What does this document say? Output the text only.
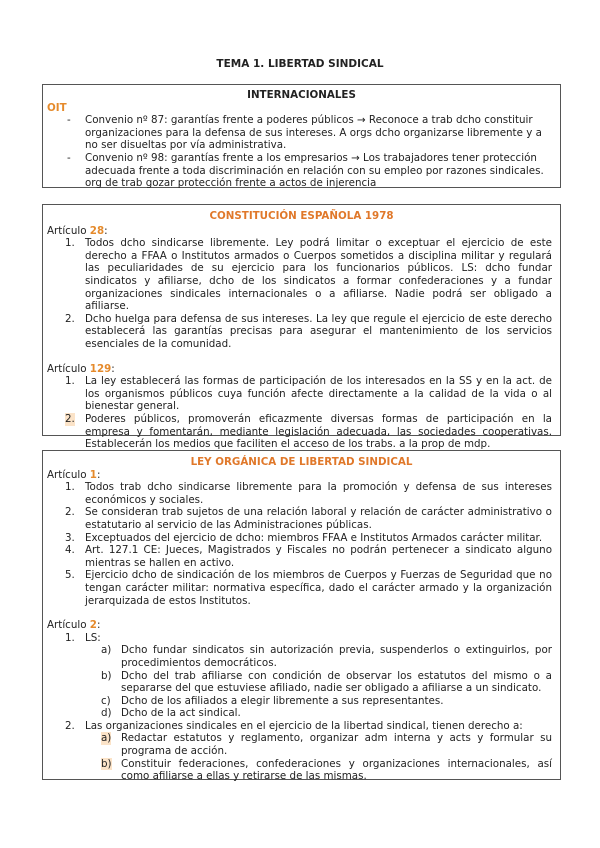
TEMA 1. LIBERTAD SINDICAL
INTERNACIONALES
OIT
- Convenio nº 87: garantías frente a poderes públicos → Reconoce a trab dcho constituir organizaciones para la defensa de sus intereses. A orgs dcho organizarse libremente y a no ser disueltas por vía administrativa.
- Convenio nº 98: garantías frente a los empresarios → Los trabajadores tener protección adecuada frente a toda discriminación en relación con su empleo por razones sindicales. org de trab gozar protección frente a actos de injerencia
CONSTITUCIÓN ESPAÑOLA 1978
Artículo 28:
1. Todos dcho sindicarse libremente. Ley podrá limitar o exceptuar el ejercicio de este derecho a FFAA o Institutos armados o Cuerpos sometidos a disciplina militar y regulará las peculiaridades de su ejercicio para los funcionarios públicos. LS: dcho fundar sindicatos y afiliarse, dcho de los sindicatos a formar confederaciones y a fundar organizaciones sindicales internacionales o a afiliarse. Nadie podrá ser obligado a afiliarse.
2. Dcho huelga para defensa de sus intereses. La ley que regule el ejercicio de este derecho establecerá las garantías precisas para asegurar el mantenimiento de los servicios esenciales de la comunidad.
Artículo 129:
1. La ley establecerá las formas de participación de los interesados en la SS y en la act. de los organismos públicos cuya función afecte directamente a la calidad de la vida o al bienestar general.
2. Poderes públicos, promoverán eficazmente diversas formas de participación en la empresa y fomentarán, mediante legislación adecuada, las sociedades cooperativas. Establecerán los medios que faciliten el acceso de los trabs. a la prop de mdp.
LEY ORGÁNICA DE LIBERTAD SINDICAL
Artículo 1:
1. Todos trab dcho sindicarse libremente para la promoción y defensa de sus intereses económicos y sociales.
2. Se consideran trab sujetos de una relación laboral y relación de carácter administrativo o estatutario al servicio de las Administraciones públicas.
3. Exceptuados del ejercicio de dcho: miembros FFAA e Institutos Armados carácter militar.
4. Art. 127.1 CE: Jueces, Magistrados y Fiscales no podrán pertenecer a sindicato alguno mientras se hallen en activo.
5. Ejercicio dcho de sindicación de los miembros de Cuerpos y Fuerzas de Seguridad que no tengan carácter militar: normativa específica, dado el carácter armado y la organización jerarquizada de estos Institutos.
Artículo 2:
1. LS:
a) Dcho fundar sindicatos sin autorización previa, suspenderlos o extinguirlos, por procedimientos democráticos.
b) Dcho del trab afiliarse con condición de observar los estatutos del mismo o a separarse del que estuviese afiliado, nadie ser obligado a afiliarse a un sindicato.
c) Dcho de los afiliados a elegir libremente a sus representantes.
d) Dcho de la act sindical.
2. Las organizaciones sindicales en el ejercicio de la libertad sindical, tienen derecho a:
a) Redactar estatutos y reglamento, organizar adm interna y acts y formular su programa de acción.
b) Constituir federaciones, confederaciones y organizaciones internacionales, así como afiliarse a ellas y retirarse de las mismas.
